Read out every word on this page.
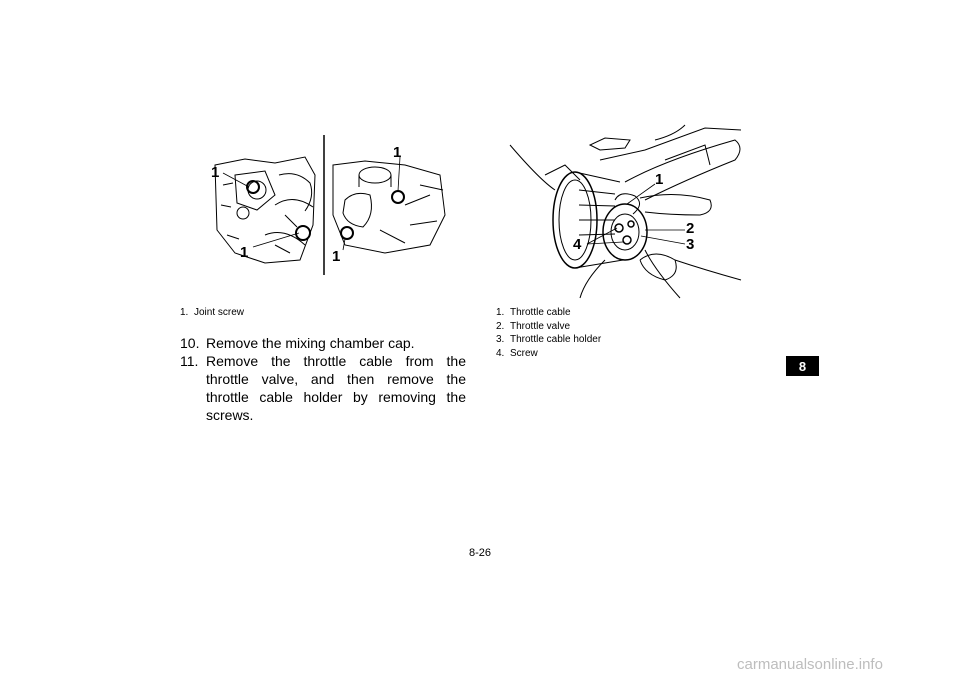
1
1
1
1
1
2
3
4
1. Joint screw
10. Remove the mixing chamber cap.
11. Remove the throttle cable from the throttle valve, and then remove the throttle cable holder by removing the screws.
1. Throttle cable
2. Throttle valve
3. Throttle cable holder
4. Screw
8
8-26
carmanualsonline.info
